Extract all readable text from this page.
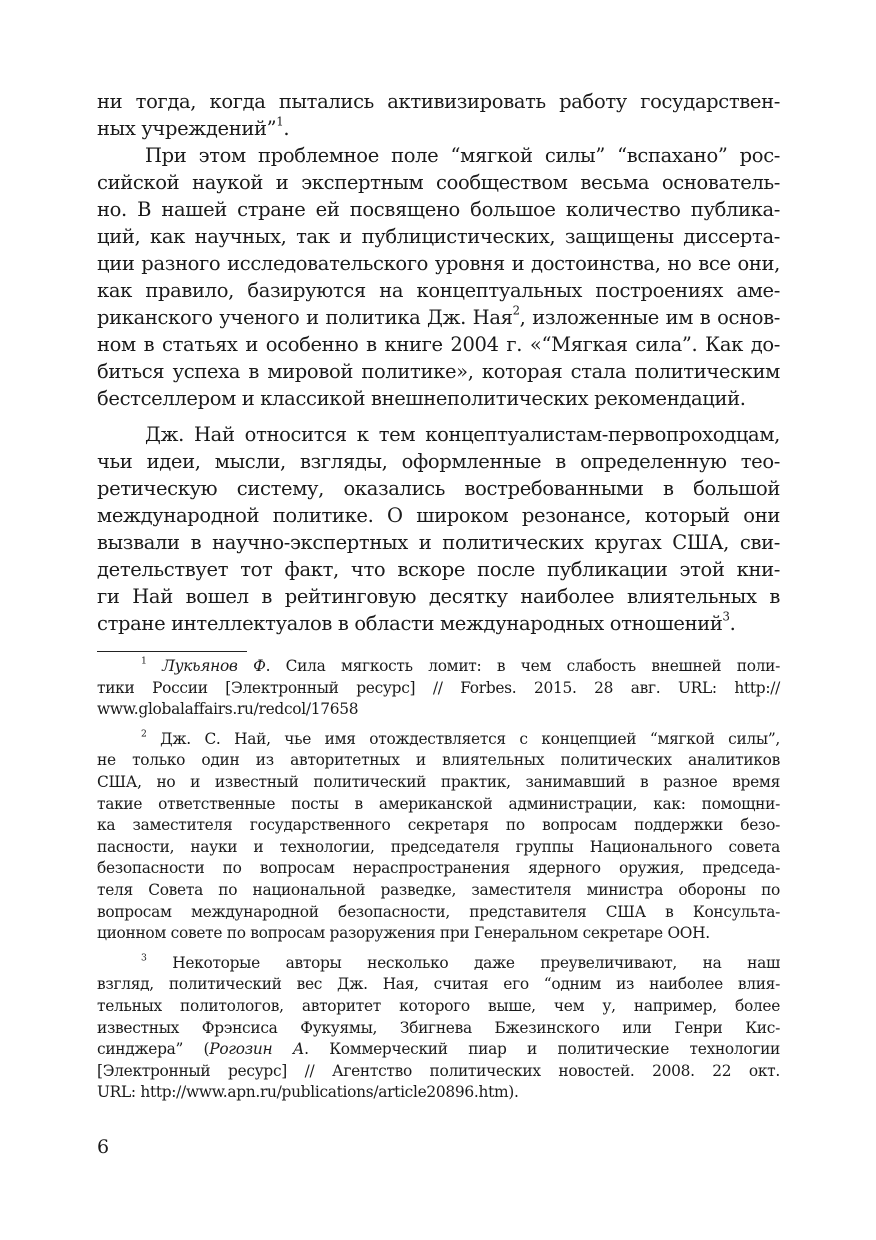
ни тогда, когда пытались активизировать работу государствен-
ных учреждений”$^1$.
При этом проблемное поле “мягкой силы” “вспахано” рос-
сийской наукой и экспертным сообществом весьма основатель-
но. В нашей стране ей посвящено большое количество публика-
ций, как научных, так и публицистических, защищены диссерта-
ции разного исследовательского уровня и достоинства, но все они,
как правило, базируются на концептуальных построениях аме-
риканского ученого и политика Дж. Ная$^2$, изложенные им в основ-
ном в статьях и особенно в книге 2004 г. «“Мягкая сила”. Как до-
биться успеха в мировой политике», которая стала политическим
бестселлером и классикой внешнеполитических рекомендаций.
Дж. Най относится к тем концептуалистам-первопроходцам,
чьи идеи, мысли, взгляды, оформленные в определенную тео-
ретическую систему, оказались востребованными в большой
международной политике. О широком резонансе, который они
вызвали в научно-экспертных и политических кругах США, сви-
детельствует тот факт, что вскоре после публикации этой кни-
ги Най вошел в рейтинговую десятку наиболее влиятельных в
стране интеллектуалов в области международных отношений$^3$.
$^1$ Лукьянов Ф. Сила мягкость ломит: в чем слабость внешней поли-
тики России [Электронный ресурс] // Forbes. 2015. 28 авг. URL: http://
www.globalaffairs.ru/redcol/17658
$^2$ Дж. С. Най, чье имя отождествляется с концепцией “мягкой силы”,
не только один из авторитетных и влиятельных политических аналитиков
США, но и известный политический практик, занимавший в разное время
такие ответственные посты в американской администрации, как: помощни-
ка заместителя государственного секретаря по вопросам поддержки безо-
пасности, науки и технологии, председателя группы Национального совета
безопасности по вопросам нераспространения ядерного оружия, председа-
теля Совета по национальной разведке, заместителя министра обороны по
вопросам международной безопасности, представителя США в Консульта-
ционном совете по вопросам разоружения при Генеральном секретаре ООН.
$^3$ Некоторые авторы несколько даже преувеличивают, на наш
взгляд, политический вес Дж. Ная, считая его “одним из наиболее влия-
тельных политологов, авторитет которого выше, чем у, например, более
известных Фрэнсиса Фукуямы, Збигнева Бжезинского или Генри Кис-
синджера” (Рогозин А. Коммерческий пиар и политические технологии
[Электронный ресурс] // Агентство политических новостей. 2008. 22 окт.
URL: http://www.apn.ru/publications/article20896.htm).
6
